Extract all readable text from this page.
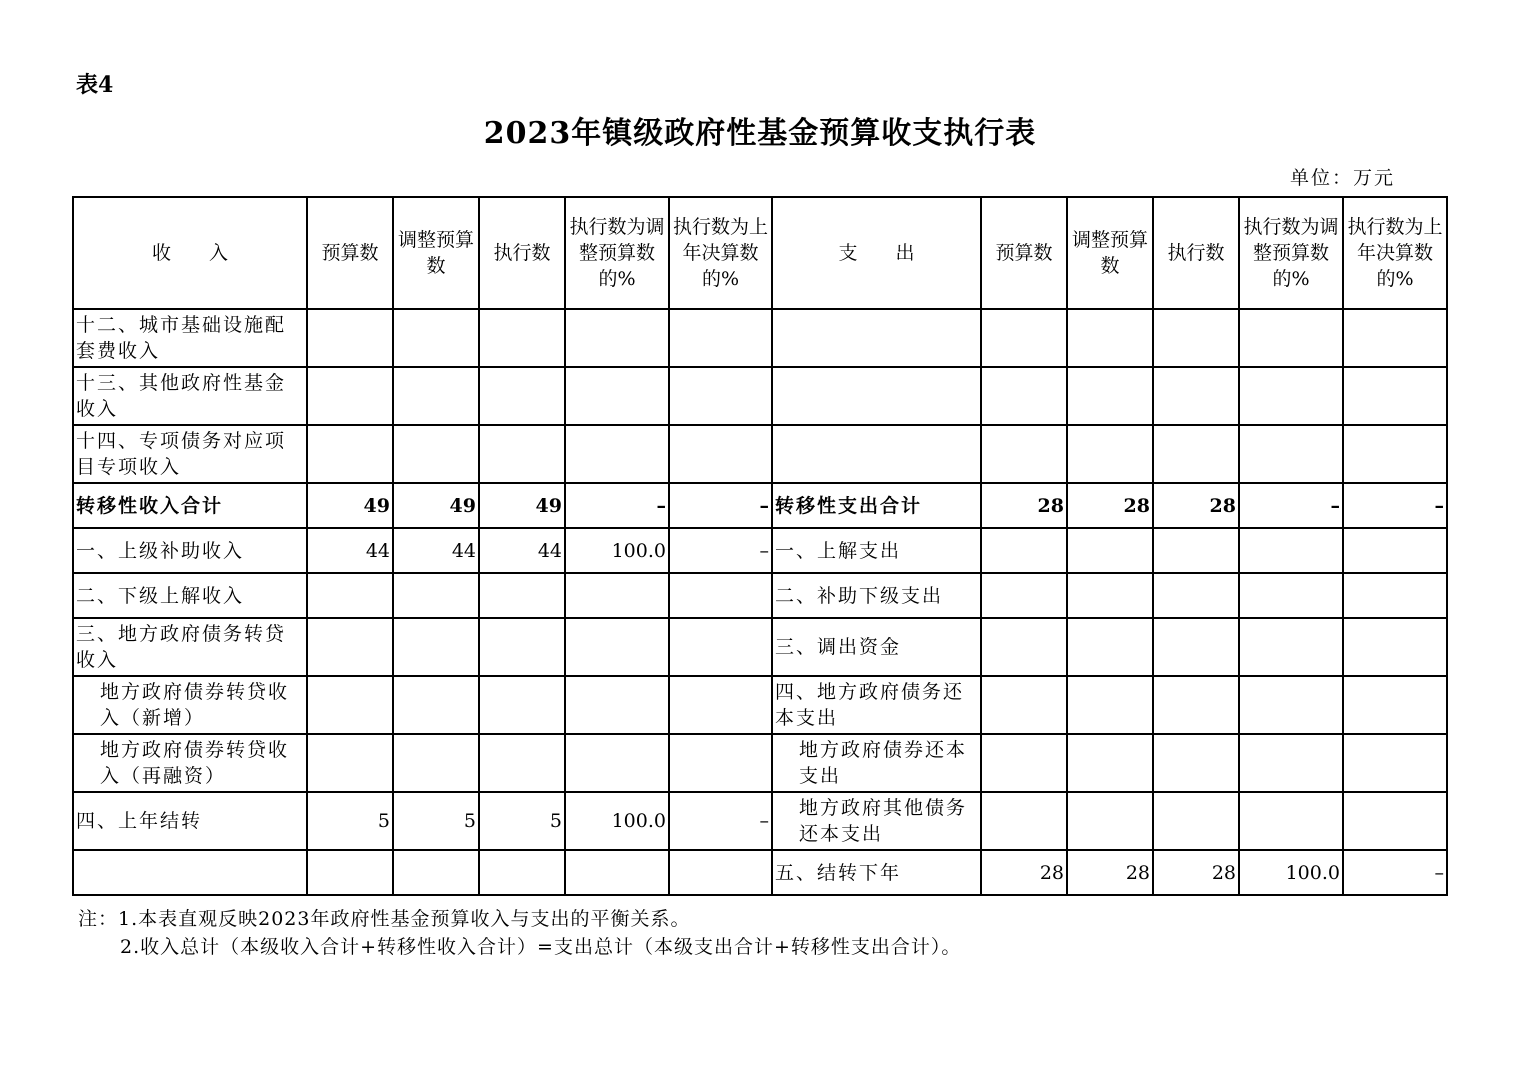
表4
2023年镇级政府性基金预算收支执行表
单位：万元
收　　入	预算数	调整预算数	执行数	执行数为调整预算数的%	执行数为上年决算数的%	支　　出	预算数	调整预算数	执行数	执行数为调整预算数的%	执行数为上年决算数的%
十二、城市基础设施配套费收入											
十三、其他政府性基金收入											
十四、专项债务对应项目专项收入											
转移性收入合计	49	49	49	–	–	转移性支出合计	28	28	28	–	–
一、上级补助收入	44	44	44	100.0	–	一、上解支出					
二、下级上解收入						二、补助下级支出					
三、地方政府债务转贷收入						三、调出资金					
地方政府债券转贷收入（新增）						四、地方政府债务还本支出					
地方政府债券转贷收入（再融资）						地方政府债券还本支出					
四、上年结转	5	5	5	100.0	–	地方政府其他债务还本支出					
						五、结转下年	28	28	28	100.0	–
注：1.本表直观反映2023年政府性基金预算收入与支出的平衡关系。
2.收入总计（本级收入合计+转移性收入合计）=支出总计（本级支出合计+转移性支出合计）。
